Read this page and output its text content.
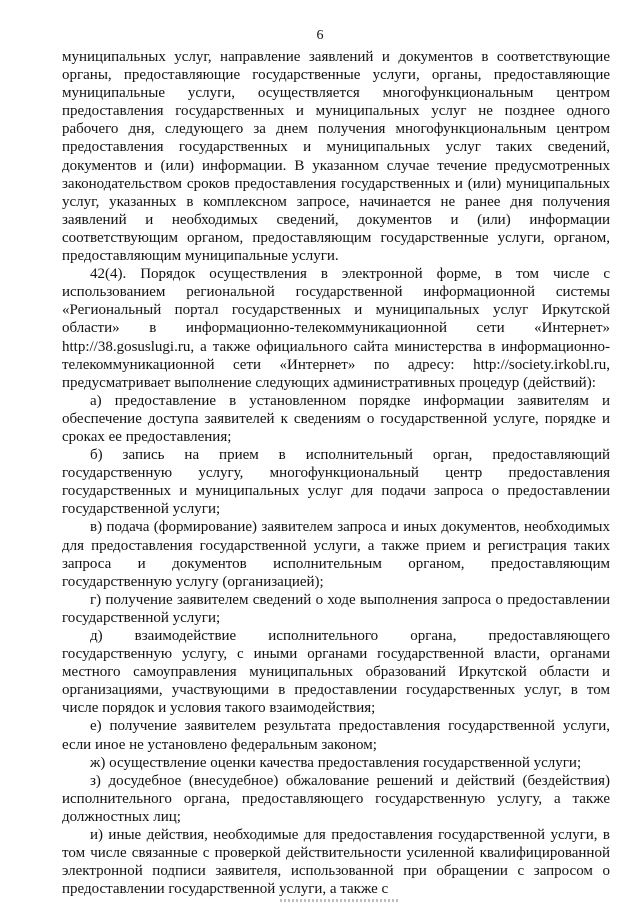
6

муниципальных услуг, направление заявлений и документов в соответствующие органы, предоставляющие государственные услуги, органы, предоставляющие муниципальные услуги, осуществляется многофункциональным центром предоставления государственных и муниципальных услуг не позднее одного рабочего дня, следующего за днем получения многофункциональным центром предоставления государственных и муниципальных услуг таких сведений, документов и (или) информации. В указанном случае течение предусмотренных законодательством сроков предоставления государственных и (или) муниципальных услуг, указанных в комплексном запросе, начинается не ранее дня получения заявлений и необходимых сведений, документов и (или) информации соответствующим органом, предоставляющим государственные услуги, органом, предоставляющим муниципальные услуги.

42(4). Порядок осуществления в электронной форме, в том числе с использованием региональной государственной информационной системы «Региональный портал государственных и муниципальных услуг Иркутской области» в информационно-телекоммуникационной сети «Интернет» http://38.gosuslugi.ru, а также официального сайта министерства в информационно-телекоммуникационной сети «Интернет» по адресу: http://society.irkobl.ru, предусматривает выполнение следующих административных процедур (действий):

а) предоставление в установленном порядке информации заявителям и обеспечение доступа заявителей к сведениям о государственной услуге, порядке и сроках ее предоставления;

б) запись на прием в исполнительный орган, предоставляющий государственную услугу, многофункциональный центр предоставления государственных и муниципальных услуг для подачи запроса о предоставлении государственной услуги;

в) подача (формирование) заявителем запроса и иных документов, необходимых для предоставления государственной услуги, а также прием и регистрация таких запроса и документов исполнительным органом, предоставляющим государственную услугу (организацией);

г) получение заявителем сведений о ходе выполнения запроса о предоставлении государственной услуги;

д) взаимодействие исполнительного органа, предоставляющего государственную услугу, с иными органами государственной власти, органами местного самоуправления муниципальных образований Иркутской области и организациями, участвующими в предоставлении государственных услуг, в том числе порядок и условия такого взаимодействия;

е) получение заявителем результата предоставления государственной услуги, если иное не установлено федеральным законом;

ж) осуществление оценки качества предоставления государственной услуги;

з) досудебное (внесудебное) обжалование решений и действий (бездействия) исполнительного органа, предоставляющего государственную услугу, а также должностных лиц;

и) иные действия, необходимые для предоставления государственной услуги, в том числе связанные с проверкой действительности усиленной квалифицированной электронной подписи заявителя, использованной при обращении с запросом о предоставлении государственной услуги, а также с
